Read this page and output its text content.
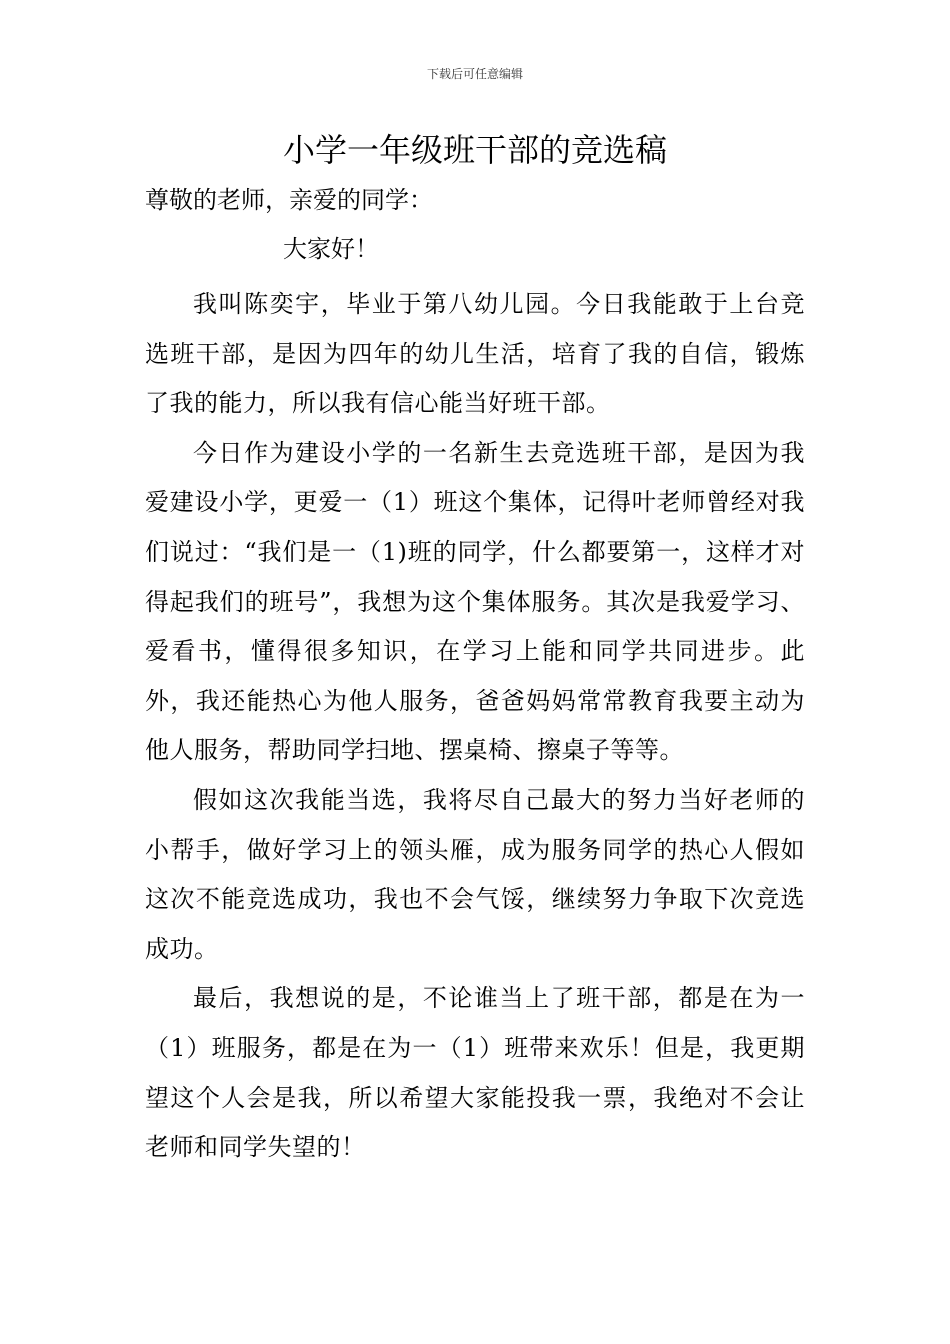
下载后可任意编辑
小学一年级班干部的竞选稿
尊敬的老师，亲爱的同学：
大家好！

我叫陈奕宇，毕业于第八幼儿园。今日我能敢于上台竞选班干部，是因为四年的幼儿生活，培育了我的自信，锻炼了我的能力，所以我有信心能当好班干部。

今日作为建设小学的一名新生去竞选班干部，是因为我爱建设小学，更爱一（1）班这个集体，记得叶老师曾经对我们说过：“我们是一（1)班的同学，什么都要第一，这样才对得起我们的班号”，我想为这个集体服务。其次是我爱学习、爱看书，懂得很多知识，在学习上能和同学共同进步。此外，我还能热心为他人服务，爸爸妈妈常常教育我要主动为他人服务，帮助同学扫地、摆桌椅、擦桌子等等。

假如这次我能当选，我将尽自己最大的努力当好老师的小帮手，做好学习上的领头雁，成为服务同学的热心人假如这次不能竞选成功，我也不会气馁，继续努力争取下次竞选成功。

最后，我想说的是，不论谁当上了班干部，都是在为一（1）班服务，都是在为一（1）班带来欢乐！但是，我更期望这个人会是我，所以希望大家能投我一票，我绝对不会让老师和同学失望的！
